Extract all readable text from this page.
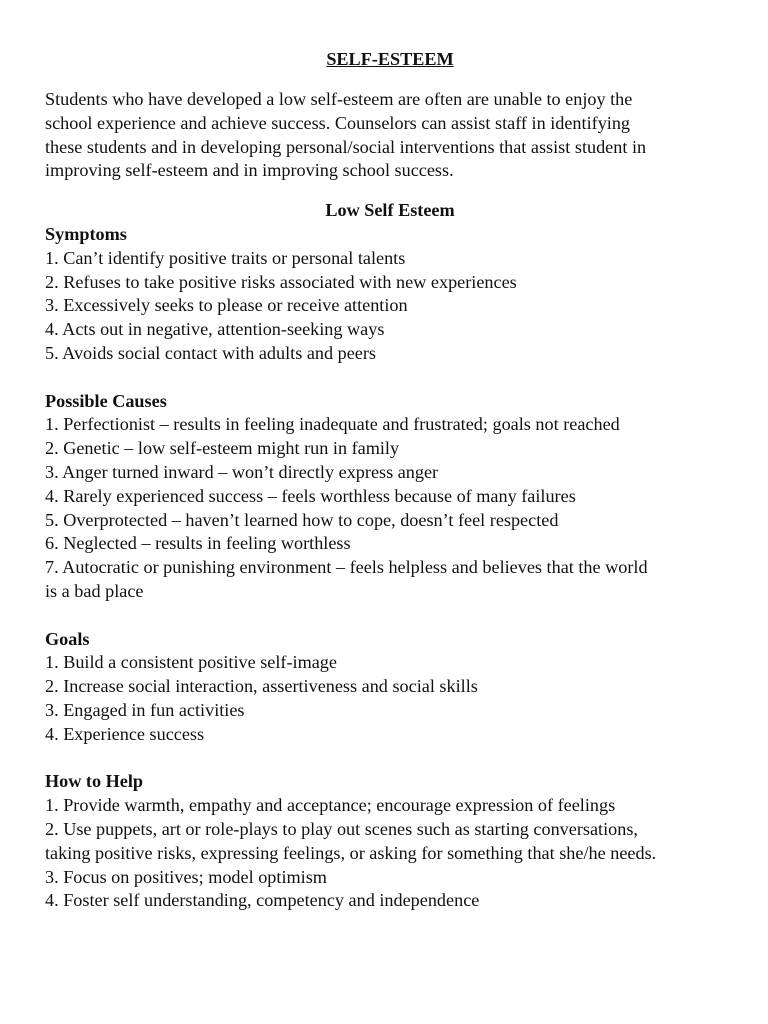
SELF-ESTEEM

Students who have developed a low self-esteem are often are unable to enjoy the
school experience and achieve success. Counselors can assist staff in identifying
these students and in developing personal/social interventions that assist student in
improving self-esteem and in improving school success.

Low Self Esteem
Symptoms
1. Can’t identify positive traits or personal talents
2. Refuses to take positive risks associated with new experiences
3. Excessively seeks to please or receive attention
4. Acts out in negative, attention-seeking ways
5. Avoids social contact with adults and peers
Possible Causes
1. Perfectionist – results in feeling inadequate and frustrated; goals not reached
2. Genetic – low self-esteem might run in family
3. Anger turned inward – won’t directly express anger
4. Rarely experienced success – feels worthless because of many failures
5. Overprotected – haven’t learned how to cope, doesn’t feel respected
6. Neglected – results in feeling worthless
7. Autocratic or punishing environment – feels helpless and believes that the world
is a bad place
Goals
1. Build a consistent positive self-image
2. Increase social interaction, assertiveness and social skills
3. Engaged in fun activities
4. Experience success
How to Help
1. Provide warmth, empathy and acceptance; encourage expression of feelings
2. Use puppets, art or role-plays to play out scenes such as starting conversations,
taking positive risks, expressing feelings, or asking for something that she/he needs.
3. Focus on positives; model optimism
4. Foster self understanding, competency and independence
